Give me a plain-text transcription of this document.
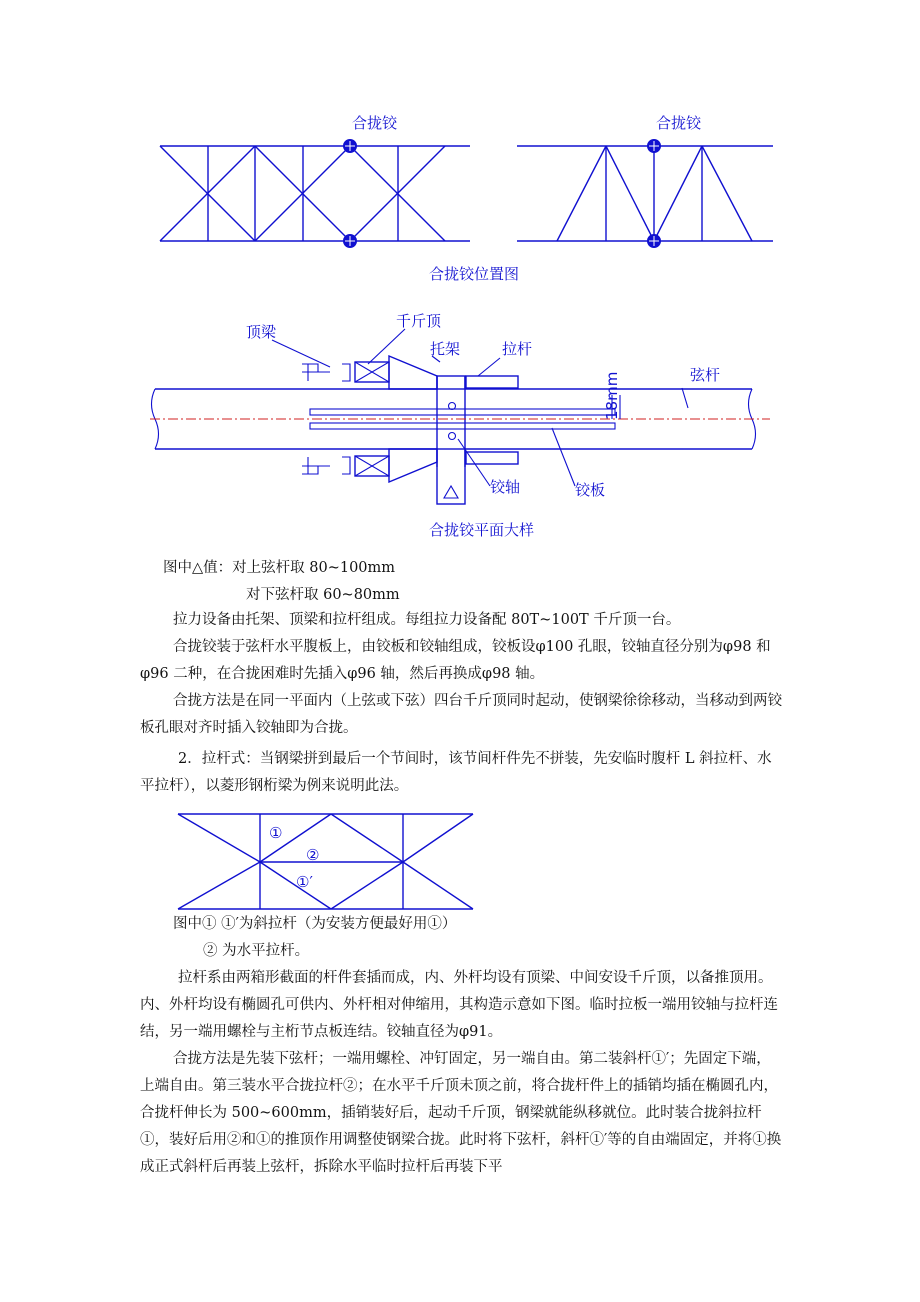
合拢铰	合拢铰
合拢铰位置图
18mm
顶梁
千斤顶
托架	拉杆
弦杆
铰轴	铰板
合拢铰平面大样

图中△值：对上弦杆取 80~100mm

对下弦杆取 60~80mm

拉力设备由托架、顶梁和拉杆组成。每组拉力设备配 80T~100T 千斤顶一台。

合拢铰装于弦杆水平腹板上，由铰板和铰轴组成，铰板设φ100 孔眼，铰轴直径分别为φ98 和φ96 二种，在合拢困难时先插入φ96 轴，然后再换成φ98 轴。

合拢方法是在同一平面内（上弦或下弦）四台千斤顶同时起动，使钢梁徐徐移动，当移动到两铰板孔眼对齐时插入铰轴即为合拢。

2．拉杆式：当钢梁拼到最后一个节间时，该节间杆件先不拼装，先安临时腹杆 L 斜拉杆、水平拉杆），以菱形钢桁梁为例来说明此法。

①
②
①′

图中① ①′为斜拉杆（为安装方便最好用①）

② 为水平拉杆。

拉杆系由两箱形截面的杆件套插而成，内、外杆均设有顶梁、中间安设千斤顶，以备推顶用。内、外杆均设有椭圆孔可供内、外杆相对伸缩用，其构造示意如下图。临时拉板一端用铰轴与拉杆连结，另一端用螺栓与主桁节点板连结。铰轴直径为φ91。

合拢方法是先装下弦杆；一端用螺栓、冲钉固定，另一端自由。第二装斜杆①′；先固定下端，上端自由。第三装水平合拢拉杆②；在水平千斤顶未顶之前，将合拢杆件上的插销均插在椭圆孔内，合拢杆伸长为 500~600mm，插销装好后，起动千斤顶，钢梁就能纵移就位。此时装合拢斜拉杆①，装好后用②和①的推顶作用调整使钢梁合拢。此时将下弦杆，斜杆①′等的自由端固定，并将①换成正式斜杆后再装上弦杆，拆除水平临时拉杆后再装下平
